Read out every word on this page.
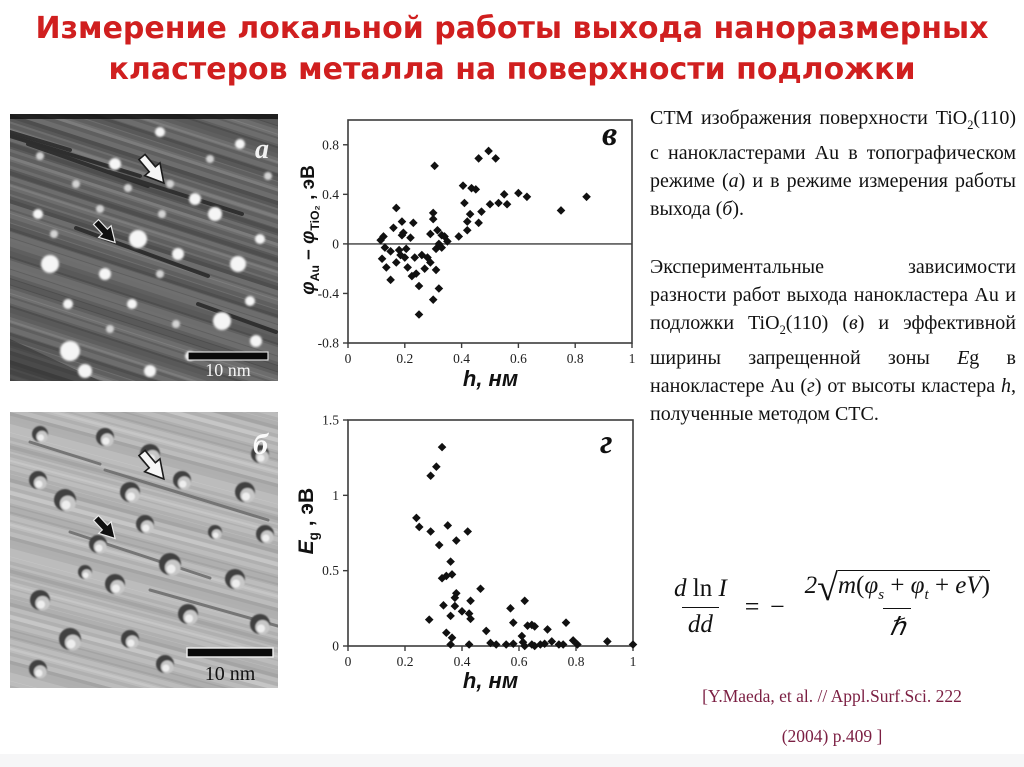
Измерение локальной работы выхода наноразмерных
кластеров металла на поверхности подложки
10 nm
a
10 nm
б
0	0.2	0.4	0.6	0.8	1
0.8
0.4
0
-0.4
-0.8
$\varphi_{Au} - \varphi_{TiO_2}$ , эВ
в
h, нм
0	0.2	0.4	0.6	0.8	1
1.5
1
0.5
0
$E_g$ , эВ
г
h, нм

СТМ изображения поверхности TiO$_2$(110) с нанокластерами Au в топографическом режиме (а) и в режиме измерения работы выхода (б).

Экспериментальные зависимости разности работ выхода нанокластера Au и подложки TiO$_2$(110) (в) и эффективной ширины запрещенной зоны Eg в нанокластере Au (г) от высоты кластера h, полученные методом СТС.

$\frac{\text{d ln I}}{dd}$ = − $\frac{2√m(\varphi_s + \varphi_t + eV)}{\text{ℏ}}$
[Y.Maeda, et al. // Appl.Surf.Sci. 222
(2004) p.409 ]
